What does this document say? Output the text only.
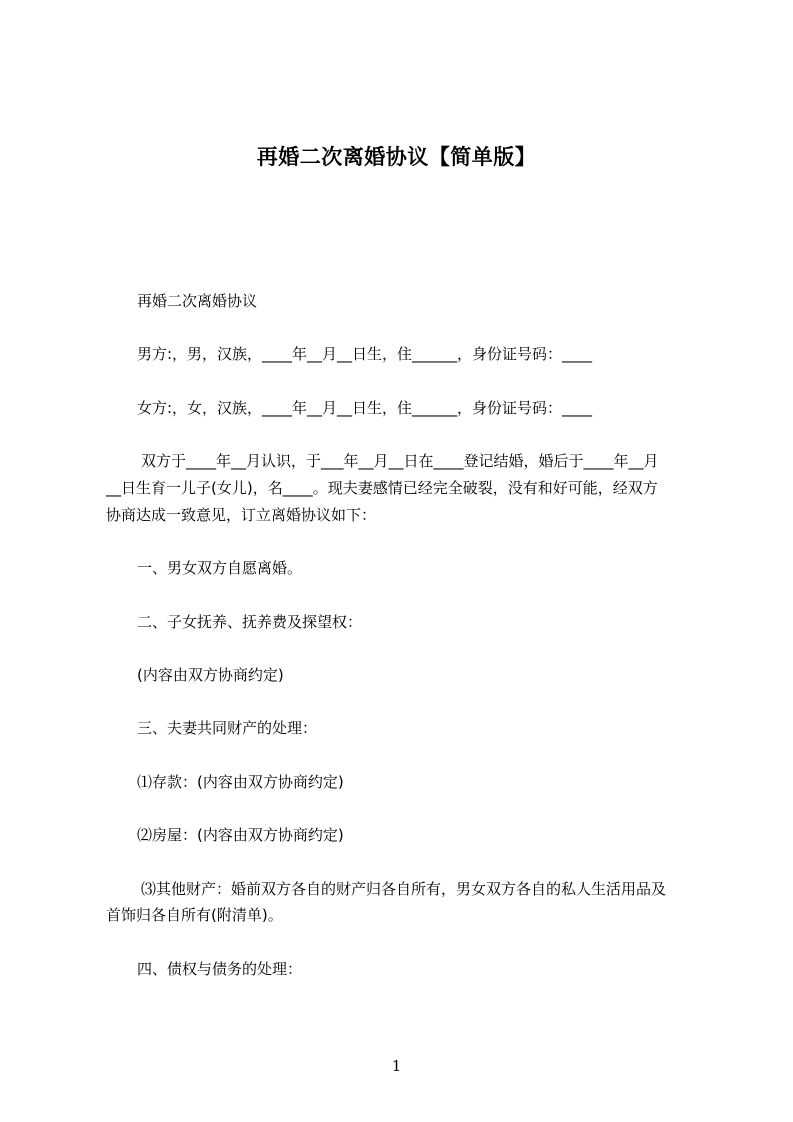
再婚二次离婚协议【简单版】
再婚二次离婚协议
男方:，男，汉族，____年__月__日生，住______，身份证号码：____
女方:，女，汉族，____年__月__日生，住______，身份证号码：____
双方于____年__月认识，于___年__月__日在____登记结婚，婚后于____年__月
__日生育一儿子(女儿)，名____。现夫妻感情已经完全破裂，没有和好可能，经双方
协商达成一致意见，订立离婚协议如下：
一、男女双方自愿离婚。
二、子女抚养、抚养费及探望权：
(内容由双方协商约定)
三、夫妻共同财产的处理：
⑴存款：(内容由双方协商约定)
⑵房屋：(内容由双方协商约定)
⑶其他财产：婚前双方各自的财产归各自所有，男女双方各自的私人生活用品及
首饰归各自所有(附清单)。
四、债权与债务的处理：
1
